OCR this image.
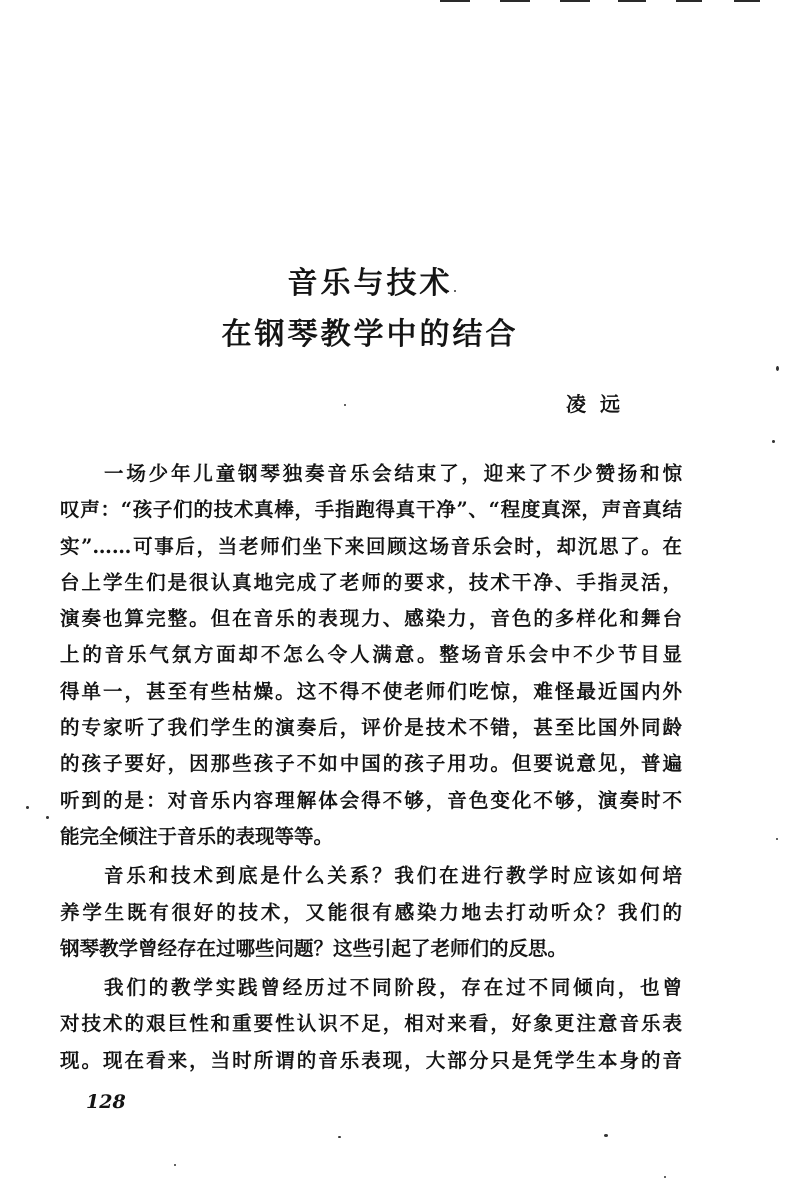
音乐与技术
在钢琴教学中的结合
凌远
一场少年儿童钢琴独奏音乐会结束了，迎来了不少赞扬和惊
叹声：“孩子们的技术真棒，手指跑得真干净”、“程度真深，声音真结
实”……可事后，当老师们坐下来回顾这场音乐会时，却沉思了。在
台上学生们是很认真地完成了老师的要求，技术干净、手指灵活，
演奏也算完整。但在音乐的表现力、感染力，音色的多样化和舞台
上的音乐气氛方面却不怎么令人满意。整场音乐会中不少节目显
得单一，甚至有些枯燥。这不得不使老师们吃惊，难怪最近国内外
的专家听了我们学生的演奏后，评价是技术不错，甚至比国外同龄
的孩子要好，因那些孩子不如中国的孩子用功。但要说意见，普遍
听到的是：对音乐内容理解体会得不够，音色变化不够，演奏时不
能完全倾注于音乐的表现等等。
音乐和技术到底是什么关系？我们在进行教学时应该如何培
养学生既有很好的技术，又能很有感染力地去打动听众？我们的
钢琴教学曾经存在过哪些问题？这些引起了老师们的反思。
我们的教学实践曾经历过不同阶段，存在过不同倾向，也曾
对技术的艰巨性和重要性认识不足，相对来看，好象更注意音乐表
现。现在看来，当时所谓的音乐表现，大部分只是凭学生本身的音
128
